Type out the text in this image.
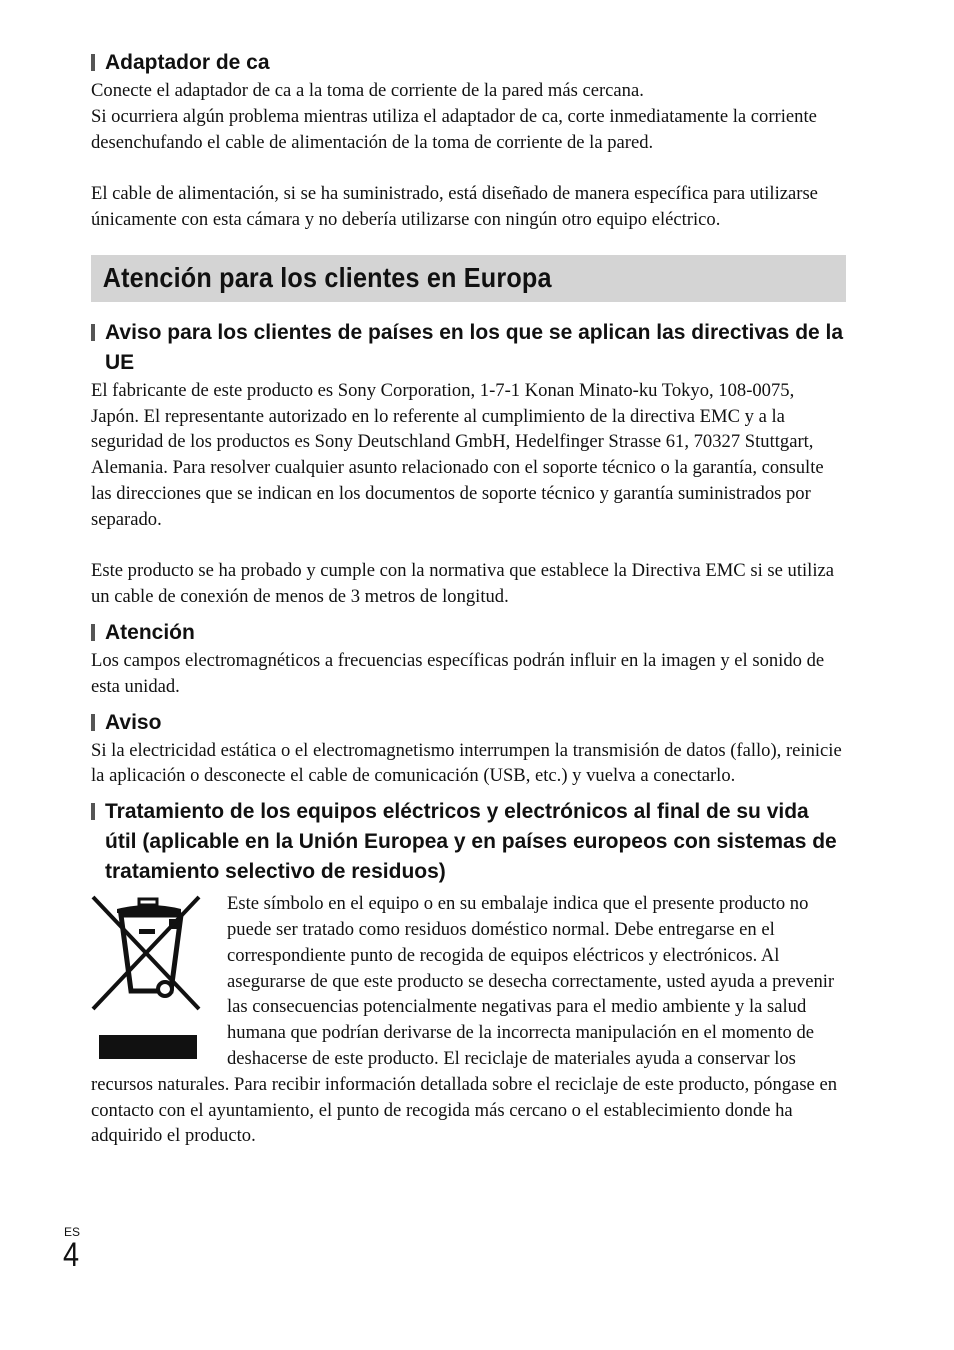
Adaptador de ca

Conecte el adaptador de ca a la toma de corriente de la pared más cercana.

Si ocurriera algún problema mientras utiliza el adaptador de ca, corte inmediatamente la corriente desenchufando el cable de alimentación de la toma de corriente de la pared.

El cable de alimentación, si se ha suministrado, está diseñado de manera específica para utilizarse únicamente con esta cámara y no debería utilizarse con ningún otro equipo eléctrico.

Atención para los clientes en Europa
Aviso para los clientes de países en los que se aplican las directivas de la UE

El fabricante de este producto es Sony Corporation, 1-7-1 Konan Minato-ku Tokyo, 108-0075, Japón. El representante autorizado en lo referente al cumplimiento de la directiva EMC y a la seguridad de los productos es Sony Deutschland GmbH, Hedelfinger Strasse 61, 70327 Stuttgart, Alemania. Para resolver cualquier asunto relacionado con el soporte técnico o la garantía, consulte las direcciones que se indican en los documentos de soporte técnico y garantía suministrados por separado.

Este producto se ha probado y cumple con la normativa que establece la Directiva EMC si se utiliza un cable de conexión de menos de 3 metros de longitud.

Atención

Los campos electromagnéticos a frecuencias específicas podrán influir en la imagen y el sonido de esta unidad.

Aviso

Si la electricidad estática o el electromagnetismo interrumpen la transmisión de datos (fallo), reinicie la aplicación o desconecte el cable de comunicación (USB, etc.) y vuelva a conectarlo.

Tratamiento de los equipos eléctricos y electrónicos al final de su vida útil (aplicable en la Unión Europea y en países europeos con sistemas de tratamiento selectivo de residuos)

Este símbolo en el equipo o en su embalaje indica que el presente producto no puede ser tratado como residuos doméstico normal. Debe entregarse en el correspondiente punto de recogida de equipos eléctricos y electrónicos. Al asegurarse de que este producto se desecha correctamente, usted ayuda a prevenir las consecuencias potencialmente negativas para el medio ambiente y la salud humana que podrían derivarse de la incorrecta manipulación en el momento de deshacerse de este producto. El reciclaje de materiales ayuda a conservar los recursos naturales. Para recibir información detallada sobre el reciclaje de este producto, póngase en contacto con el ayuntamiento, el punto de recogida más cercano o el establecimiento donde ha adquirido el producto.

ES
4
